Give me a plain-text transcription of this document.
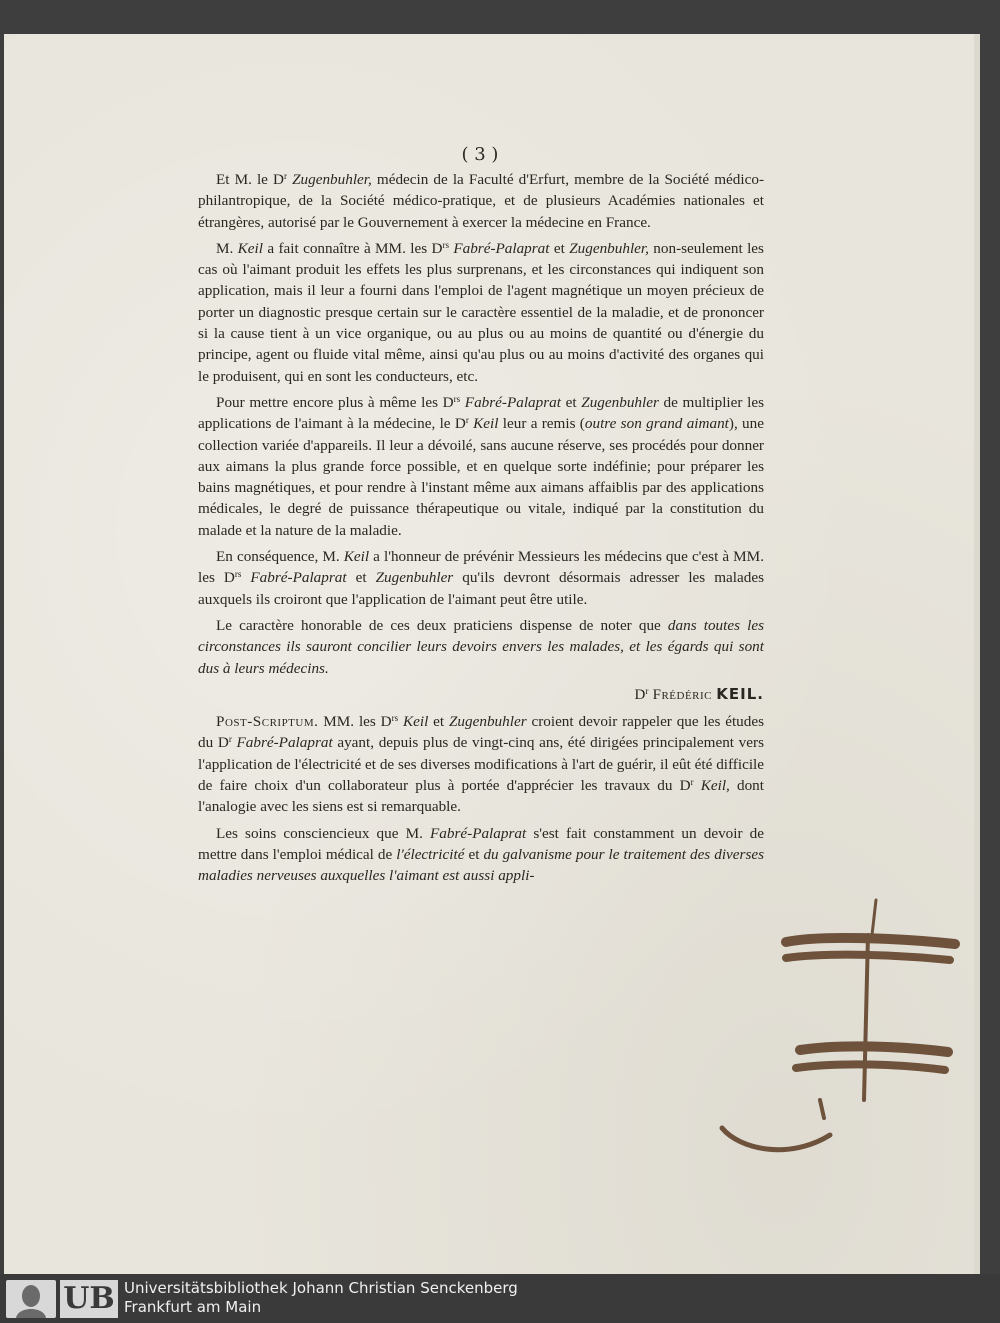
( 3 )

Et M. le $D^r$ Zugenbuhler, médecin de la Faculté d'Erfurt, membre de la Société médico-philantropique, de la Société médico-pratique, et de plusieurs Académies nationales et étrangères, autorisé par le Gouvernement à exercer la médecine en France.

M. Keil a fait connaître à MM. les $D^{rs}$ Fabré-Palaprat et Zugenbuhler, non-seulement les cas où l'aimant produit les effets les plus surprenans, et les circonstances qui indiquent son application, mais il leur a fourni dans l'emploi de l'agent magnétique un moyen précieux de porter un diagnostic presque certain sur le caractère essentiel de la maladie, et de prononcer si la cause tient à un vice organique, ou au plus ou au moins de quantité ou d'énergie du principe, agent ou fluide vital même, ainsi qu'au plus ou au moins d'activité des organes qui le produisent, qui en sont les conducteurs, etc.

Pour mettre encore plus à même les $D^{rs}$ Fabré-Palaprat et Zugenbuhler de multiplier les applications de l'aimant à la médecine, le $D^r$ Keil leur a remis (outre son grand aimant), une collection variée d'appareils. Il leur a dévoilé, sans aucune réserve, ses procédés pour donner aux aimans la plus grande force possible, et en quelque sorte indéfinie; pour préparer les bains magnétiques, et pour rendre à l'instant même aux aimans affaiblis par des applications médicales, le degré de puissance thérapeutique ou vitale, indiqué par la constitution du malade et la nature de la maladie.

En conséquence, M. Keil a l'honneur de prévénir Messieurs les médecins que c'est à MM. les $D^{rs}$ Fabré-Palaprat et Zugenbuhler qu'ils devront désormais adresser les malades auxquels ils croiront que l'application de l'aimant peut être utile.

Le caractère honorable de ces deux praticiens dispense de noter que dans toutes les circonstances ils sauront concilier leurs devoirs envers les malades, et les égards qui sont dus à leurs médecins.

$D^r$ Frédéric KEIL.

Post-Scriptum. MM. les $D^{rs}$ Keil et Zugenbuhler croient devoir rappeler que les études du $D^r$ Fabré-Palaprat ayant, depuis plus de vingt-cinq ans, été dirigées principalement vers l'application de l'électricité et de ses diverses modifications à l'art de guérir, il eût été difficile de faire choix d'un collaborateur plus à portée d'apprécier les travaux du $D^r$ Keil, dont l'analogie avec les siens est si remarquable.

Les soins consciencieux que M. Fabré-Palaprat s'est fait constamment un devoir de mettre dans l'emploi médical de l'électricité et du galvanisme pour le traitement des diverses maladies nerveuses auxquelles l'aimant est aussi appli-

UB Universitätsbibliothek Johann Christian Senckenberg
Frankfurt am Main
